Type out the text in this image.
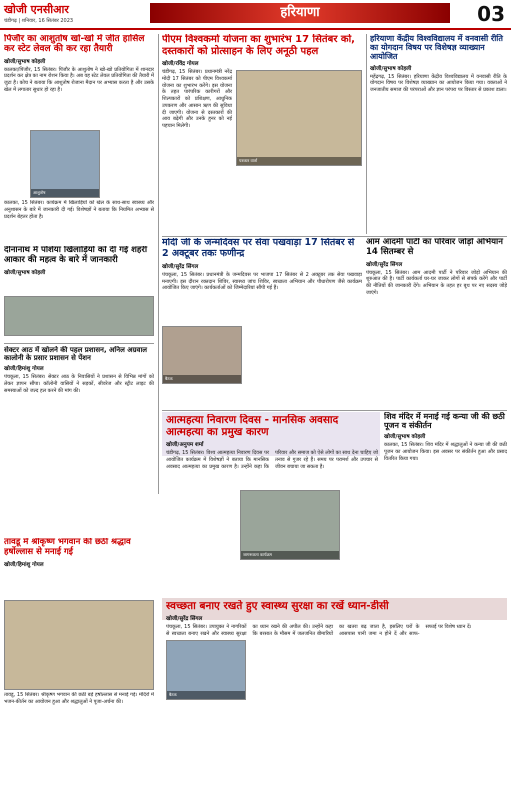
खोजी एनसीआर
चंडीगढ़ | शनिवार, 16 सितंबर 2023
हरियाणा	03
पिंजौर का आशुतोष खो-खो में जीत हासिल कर स्टेट लेवल की कर रहा तैयारी
खोजी/सुभाष कोहली
कालका/पिंजौर, 15 सितंबर। पिंजौर के आशुतोष ने खो-खो प्रतियोगिता में शानदार प्रदर्शन कर क्षेत्र का नाम रोशन किया है। अब वह स्टेट लेवल प्रतियोगिता की तैयारी में जुटा है। कोच ने बताया कि आशुतोष रोजाना मैदान पर अभ्यास करता है और उसके खेल में लगातार सुधार हो रहा है।
आशुतोष
कालका, 15 सितंबर। कार्यक्रम में खिलाड़ियों को खेल के साथ-साथ स्वास्थ्य और अनुशासन के बारे में जानकारी दी गई। विशेषज्ञों ने बताया कि नियमित अभ्यास से प्रदर्शन बेहतर होता है।
दीनानाथ में पशिया खिलाड़ियों को दी गई शहरी आकार की महत्व के बारे में जानकारी
खोजी/सुभाष कोहली
सेक्टर आठ में खोलने की पहल प्रशासन, अनिल अग्रवाल कालोनी के प्रसार प्रशासन से पेंशन
खोजी/हिमांशु गोयल
पंचकूला, 15 सितंबर। सेक्टर आठ के निवासियों ने प्रशासन से विभिन्न मांगों को लेकर ज्ञापन सौंपा। कॉलोनी वासियों ने सड़कों, सीवरेज और स्ट्रीट लाइट की समस्याओं को जल्द हल करने की मांग की।
पीएम विश्वकर्मा योजना का शुभारंभ 17 सितंबर को, दस्तकारों को प्रोत्साहन के लिए अनूठी पहल
खोजी/रविंद्र गोयल
चंडीगढ़, 15 सितंबर। प्रधानमंत्री नरेंद्र मोदी 17 सितंबर को पीएम विश्वकर्मा योजना का शुभारंभ करेंगे। इस योजना के तहत पारंपरिक कारीगरों और शिल्पकारों को प्रशिक्षण, आधुनिक उपकरण और आसान ऋण की सुविधा दी जाएगी। योजना से दस्तकारों की आय बढ़ेगी और उनके हुनर को नई पहचान मिलेगी।
पत्रकार वार्ता
हरियाणा केंद्रीय विश्वविद्यालय में वनवासी रीति का योगदान विषय पर विशेषज्ञ व्याख्यान आयोजित
खोजी/सुभाष कोहली
महेंद्रगढ़, 15 सितंबर। हरियाणा केंद्रीय विश्वविद्यालय में वनवासी रीति के योगदान विषय पर विशेषज्ञ व्याख्यान का आयोजन किया गया। वक्ताओं ने जनजातीय समाज की परंपराओं और ज्ञान परंपरा पर विस्तार से प्रकाश डाला।
मोदी जी के जन्मदिवस पर सेवा पखवाड़ा 17 सितंबर से 2 अक्टूबर तकः फणीन्द्र
खोजी/सुरेंद्र सिंगल
पंचकूला, 15 सितंबर। प्रधानमंत्री के जन्मदिवस पर भाजपा 17 सितंबर से 2 अक्टूबर तक सेवा पखवाड़ा मनाएगी। इस दौरान रक्तदान शिविर, स्वास्थ्य जांच शिविर, स्वच्छता अभियान और पौधारोपण जैसे कार्यक्रम आयोजित किए जाएंगे। कार्यकर्ताओं को जिम्मेदारियां सौंपी गई हैं।
बैठक
आम आदमी पार्टी का परिवार जोड़ो अभियान 14 सितम्बर से
खोजी/सुरेंद्र सिंगल
पंचकूला, 15 सितंबर। आम आदमी पार्टी ने परिवार जोड़ो अभियान की शुरुआत की है। पार्टी कार्यकर्ता घर-घर जाकर लोगों से संपर्क करेंगे और पार्टी की नीतियों की जानकारी देंगे। अभियान के तहत हर बूथ पर नए सदस्य जोड़े जाएंगे।
आत्महत्या निवारण दिवस - मानसिक अवसाद आत्महत्या का प्रमुख कारण
खोजी/अनुपम शर्मा
चंडीगढ़, 15 सितंबर। विश्व आत्महत्या निवारण दिवस पर आयोजित कार्यक्रम में विशेषज्ञों ने बताया कि मानसिक अवसाद आत्महत्या का प्रमुख कारण है। उन्होंने कहा कि परिवार और समाज को ऐसे लोगों का साथ देना चाहिए जो तनाव से गुजर रहे हैं। समय पर परामर्श और उपचार से जीवन बचाया जा सकता है।
जागरूकता कार्यक्रम
शिव मंदिर में मनाई गई कन्या जी की छठी पूजन व संकीर्तन
खोजी/सुभाष कोहली
कालका, 15 सितंबर। शिव मंदिर में श्रद्धालुओं ने कन्या जी की छठी पूजन का आयोजन किया। इस अवसर पर संकीर्तन हुआ और प्रसाद वितरित किया गया।
तावडू में श्रीकृष्ण भगवान की छठी श्रद्धाव हर्षोल्लास से मनाई गई
खोजी/हिमांशु गोयल
तावडू, 15 सितंबर। श्रीकृष्ण भगवान की छठी बड़े हर्षोल्लास से मनाई गई। मंदिरों में भजन-कीर्तन का आयोजन हुआ और श्रद्धालुओं ने पूजा-अर्चना की।
स्वच्छता बनाए रखते हुए स्वास्थ्य सुरक्षा का रखें ध्यान-डीसी
खोजी/सुरेंद्र सिंगल
पंचकूला, 15 सितंबर। उपायुक्त ने नागरिकों से स्वच्छता बनाए रखने और स्वास्थ्य सुरक्षा का ध्यान रखने की अपील की। उन्होंने कहा कि बरसात के मौसम में जलजनित बीमारियों का खतरा बढ़ जाता है, इसलिए घरों के आसपास पानी जमा न होने दें और साफ-सफाई पर विशेष ध्यान दें।
बैठक
